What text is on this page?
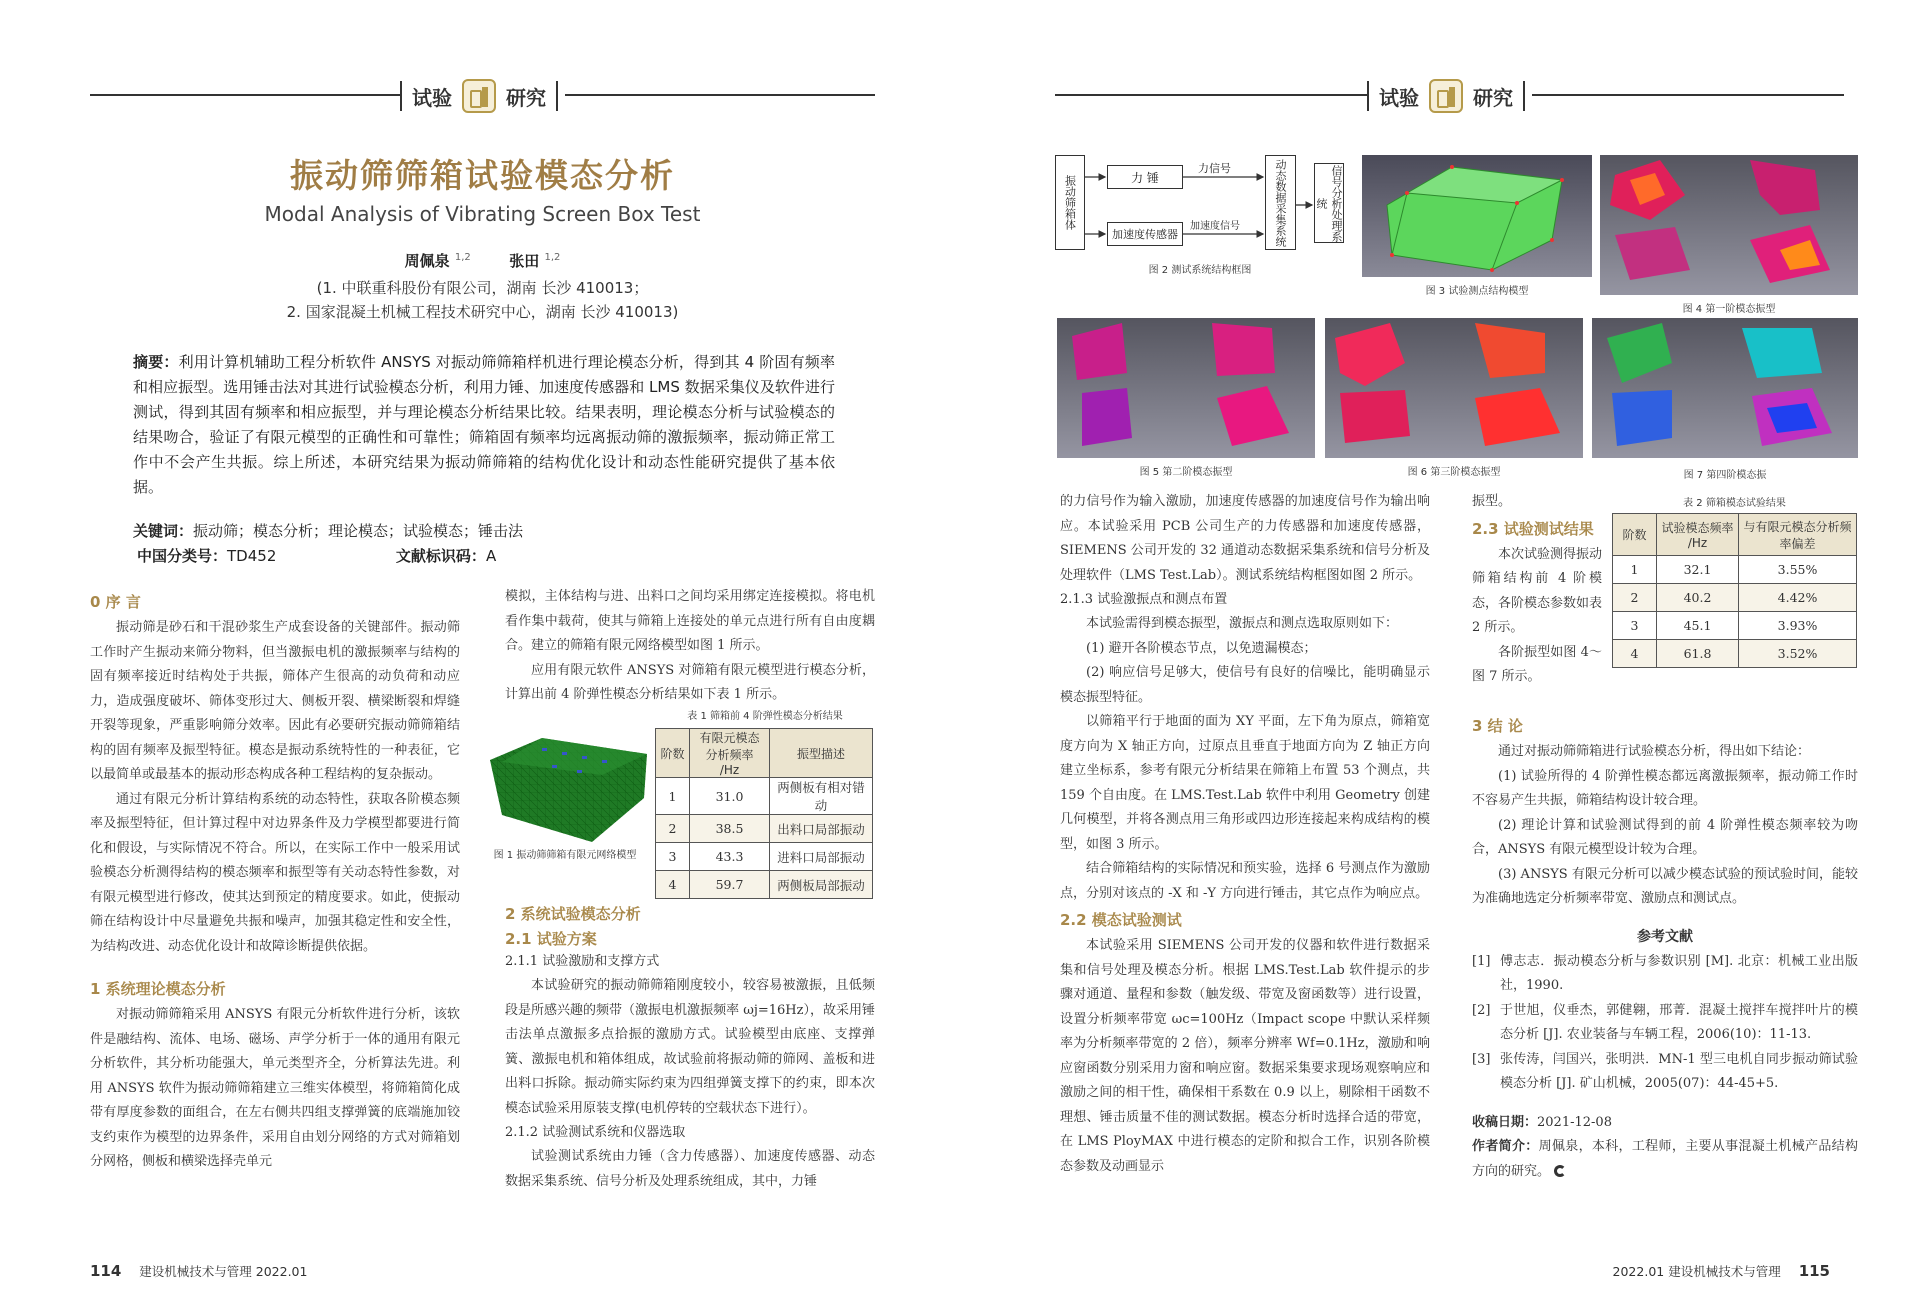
试验	研究	试验	研究
振动筛筛箱试验模态分析
Modal Analysis of Vibrating Screen Box Test
周佩泉 $^{1,2}$	张田 $^{1,2}$
(1. 中联重科股份有限公司，湖南 长沙 410013；
2. 国家混凝土机械工程技术研究中心，湖南 长沙 410013)
摘要：利用计算机辅助工程分析软件 ANSYS 对振动筛筛箱样机进行理论模态分析，得到其 4 阶固有频率和相应振型。选用锤击法对其进行试验模态分析，利用力锤、加速度传感器和 LMS 数据采集仪及软件进行测试，得到其固有频率和相应振型，并与理论模态分析结果比较。结果表明，理论模态分析与试验模态的结果吻合，验证了有限元模型的正确性和可靠性；筛箱固有频率均远离振动筛的激振频率，振动筛正常工作中不会产生共振。综上所述，本研究结果为振动筛筛箱的结构优化设计和动态性能研究提供了基本依据。
关键词：振动筛；模态分析；理论模态；试验模态；锤击法
中国分类号：TD452	文献标识码：A
0 序 言

振动筛是砂石和干混砂浆生产成套设备的关键部件。振动筛工作时产生振动来筛分物料，但当激振电机的激振频率与结构的固有频率接近时结构处于共振，筛体产生很高的动负荷和动应力，造成强度破坏、筛体变形过大、侧板开裂、横梁断裂和焊缝开裂等现象，严重影响筛分效率。因此有必要研究振动筛筛箱结构的固有频率及振型特征。模态是振动系统特性的一种表征，它以最简单或最基本的振动形态构成各种工程结构的复杂振动。

通过有限元分析计算结构系统的动态特性，获取各阶模态频率及振型特征，但计算过程中对边界条件及力学模型都要进行简化和假设，与实际情况不符合。所以，在实际工作中一般采用试验模态分析测得结构的模态频率和振型等有关动态特性参数，对有限元模型进行修改，使其达到预定的精度要求。如此，使振动筛在结构设计中尽量避免共振和噪声，加强其稳定性和安全性，为结构改进、动态优化设计和故障诊断提供依据。

1 系统理论模态分析

对振动筛筛箱采用 ANSYS 有限元分析软件进行分析，该软件是融结构、流体、电场、磁场、声学分析于一体的通用有限元分析软件，其分析功能强大，单元类型齐全，分析算法先进。利用 ANSYS 软件为振动筛筛箱建立三维实体模型，将筛箱简化成带有厚度参数的面组合，在左右侧共四组支撑弹簧的底端施加铰支约束作为模型的边界条件，采用自由划分网络的方式对筛箱划分网格，侧板和横梁选择壳单元

模拟，主体结构与进、出料口之间均采用绑定连接模拟。将电机看作集中载荷，使其与筛箱上连接处的单元点进行所有自由度耦合。建立的筛箱有限元网络模型如图 1 所示。

应用有限元软件 ANSYS 对筛箱有限元模型进行模态分析，计算出前 4 阶弹性模态分析结果如下表 1 所示。

图 1 振动筛筛箱有限元网络模型
表 1 筛箱前 4 阶弹性模态分析结果
阶数	有限元模态分析频率 /Hz	振型描述
1	31.0	两侧板有相对错动
2	38.5	出料口局部振动
3	43.3	进料口局部振动
4	59.7	两侧板局部振动
2 系统试验模态分析
2.1 试验方案
2.1.1 试验激励和支撑方式

本试验研究的振动筛筛箱刚度较小，较容易被激振，且低频段是所感兴趣的频带（激振电机激振频率 ωj=16Hz），故采用锤击法单点激振多点拾振的激励方式。试验模型由底座、支撑弹簧、激振电机和箱体组成，故试验前将振动筛的筛网、盖板和进出料口拆除。振动筛实际约束为四组弹簧支撑下的约束，即本次模态试验采用原装支撑(电机停转的空载状态下进行）。

2.1.2 试验测试系统和仪器选取

试验测试系统由力锤（含力传感器）、加速度传感器、动态数据采集系统、信号分析及处理系统组成，其中，力锤

振动筛箱体	力 锤
加速度传感器
力信号
加速度信号	动态数据采集系统	信号分析处理系统
图 2 测试系统结构框图
图 3 试验测点结构模型
图 4 第一阶模态振型
图 5 第二阶模态振型	图 6 第三阶模态振型	图 7 第四阶模态振

的力信号作为输入激励，加速度传感器的加速度信号作为输出响应。本试验采用 PCB 公司生产的力传感器和加速度传感器，SIEMENS 公司开发的 32 通道动态数据采集系统和信号分析及处理软件（LMS Test.Lab）。测试系统结构框图如图 2 所示。

2.1.3 试验激振点和测点布置

本试验需得到模态振型，激振点和测点选取原则如下：

(1) 避开各阶模态节点，以免遗漏模态；

(2) 响应信号足够大，使信号有良好的信噪比，能明确显示模态振型特征。

以筛箱平行于地面的面为 XY 平面，左下角为原点，筛箱宽度方向为 X 轴正方向，过原点且垂直于地面方向为 Z 轴正方向建立坐标系，参考有限元分析结果在筛箱上布置 53 个测点，共 159 个自由度。在 LMS.Test.Lab 软件中利用 Geometry 创建几何模型，并将各测点用三角形或四边形连接起来构成结构的模型，如图 3 所示。

结合筛箱结构的实际情况和预实验，选择 6 号测点作为激励点，分别对该点的 -X 和 -Y 方向进行锤击，其它点作为响应点。

2.2 模态试验测试

本试验采用 SIEMENS 公司开发的仪器和软件进行数据采集和信号处理及模态分析。根据 LMS.Test.Lab 软件提示的步骤对通道、量程和参数（触发级、带宽及窗函数等）进行设置，设置分析频率带宽 ωc=100Hz（Impact scope 中默认采样频率为分析频率带宽的 2 倍），频率分辨率 Wf=0.1Hz，激励和响应窗函数分别采用力窗和响应窗。数据采集要求现场观察响应和激励之间的相干性，确保相干系数在 0.9 以上，剔除相干函数不理想、锤击质量不佳的测试数据。模态分析时选择合适的带宽，在 LMS PloyMAX 中进行模态的定阶和拟合工作，识别各阶模态参数及动画显示

振型。

2.3 试验测试结果

本次试验测得振动筛箱结构前 4 阶模态，各阶模态参数如表 2 所示。

各阶振型如图 4～图 7 所示。

表 2 筛箱模态试验结果
阶数	试验模态频率 /Hz	与有限元模态分析频率偏差
1	32.1	3.55%
2	40.2	4.42%
3	45.1	3.93%
4	61.8	3.52%
3 结 论

通过对振动筛筛箱进行试验模态分析，得出如下结论：

(1) 试验所得的 4 阶弹性模态都远离激振频率，振动筛工作时不容易产生共振，筛箱结构设计较合理。

(2) 理论计算和试验测试得到的前 4 阶弹性模态频率较为吻合，ANSYS 有限元模型设计较为合理。

(3) ANSYS 有限元分析可以减少模态试验的预试验时间，能较为准确地选定分析频率带宽、激励点和测试点。

参考文献
[1] 傅志志．振动模态分析与参数识别 [M]. 北京：机械工业出版社，1990.
[2] 于世旭，仪垂杰，郭健翱，邢菁．混凝土搅拌车搅拌叶片的模态分析 [J]. 农业装备与车辆工程，2006(10)：11-13.
[3] 张传涛，闫国兴，张明洪．MN-1 型三电机自同步振动筛试验模态分析 [J]. 矿山机械，2005(07)：44-45+5.
收稿日期：2021-12-08
作者简介：周佩泉，本科，工程师，主要从事混凝土机械产品结构方向的研究。
114 建设机械技术与管理 2022.01	2022.01 建设机械技术与管理 115
